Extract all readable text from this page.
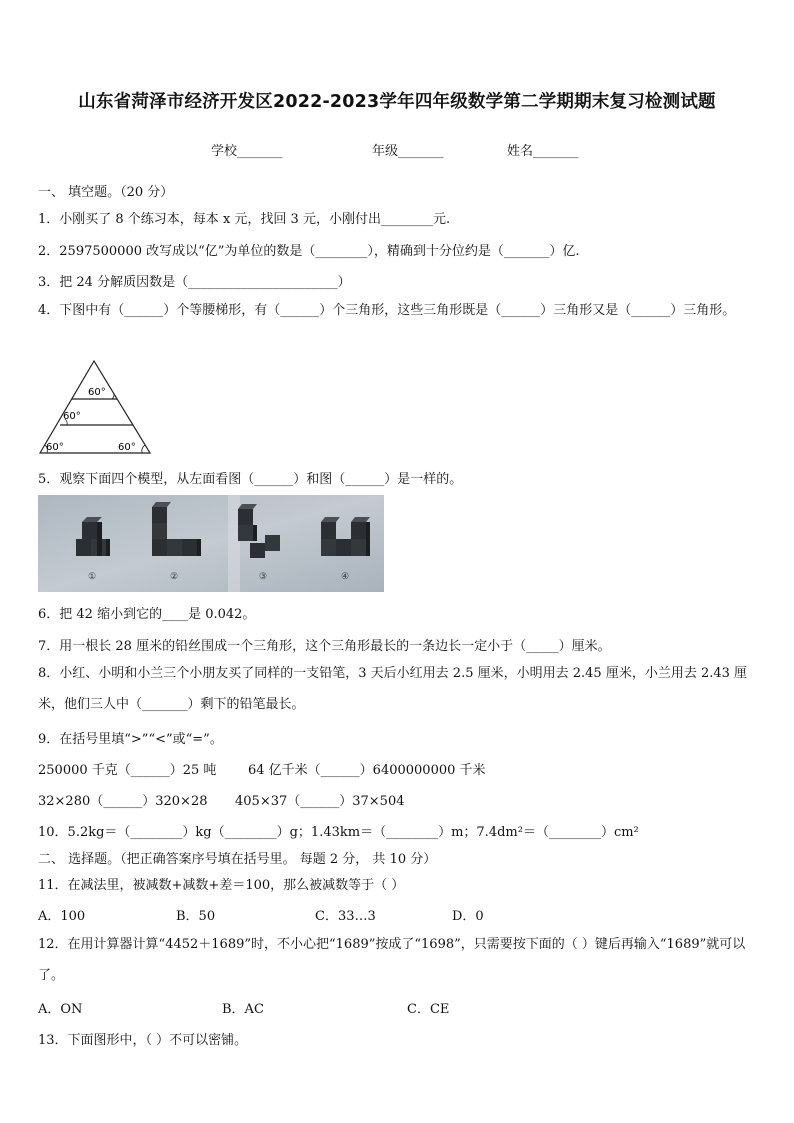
山东省菏泽市经济开发区2022-2023学年四年级数学第二学期期末复习检测试题
学校_______	年级_______	姓名_______
一、 填空题。（20 分）
1．小刚买了 8 个练习本，每本 x 元，找回 3 元，小刚付出________元.
2．2597500000 改写成以“亿”为单位的数是（________），精确到十分位约是（_______）亿.
3．把 24 分解质因数是（_______________________）
4．下图中有（______）个等腰梯形，有（______）个三角形，这些三角形既是（______）三角形又是（______）三角形。
60°
60°
60°	60°
5．观察下面四个模型，从左面看图（______）和图（______）是一样的。
①	②	③	④
6．把 42 缩小到它的____是 0.042。
7．用一根长 28 厘米的铅丝围成一个三角形，这个三角形最长的一条边长一定小于（_____）厘米。
8．小红、小明和小兰三个小朋友买了同样的一支铅笔，3 天后小红用去 2.5 厘米，小明用去 2.45 厘米，小兰用去 2.43 厘米，他们三人中（_______）剩下的铅笔最长。
9．在括号里填“>”“<”或“=”。
250000 千克（______）25 吨 64 亿千米（______）6400000000 千米
32×280（______）320×28 405×37（______）37×504
10．5.2kg＝（________）kg（________）g；1.43km＝（________）m；7.4dm²＝（________）cm²
二、 选择题。（把正确答案序号填在括号里。 每题 2 分， 共 10 分）
11．在减法里，被减数+减数+差＝100，那么被减数等于（ ）
A．100	B．50	C．33…3	D．0
12．在用计算器计算“4452＋1689”时，不小心把“1689”按成了“1698”，只需要按下面的（ ）键后再输入“1689”就可以了。
A．ON	B．AC	C．CE
13．下面图形中，（ ）不可以密铺。
